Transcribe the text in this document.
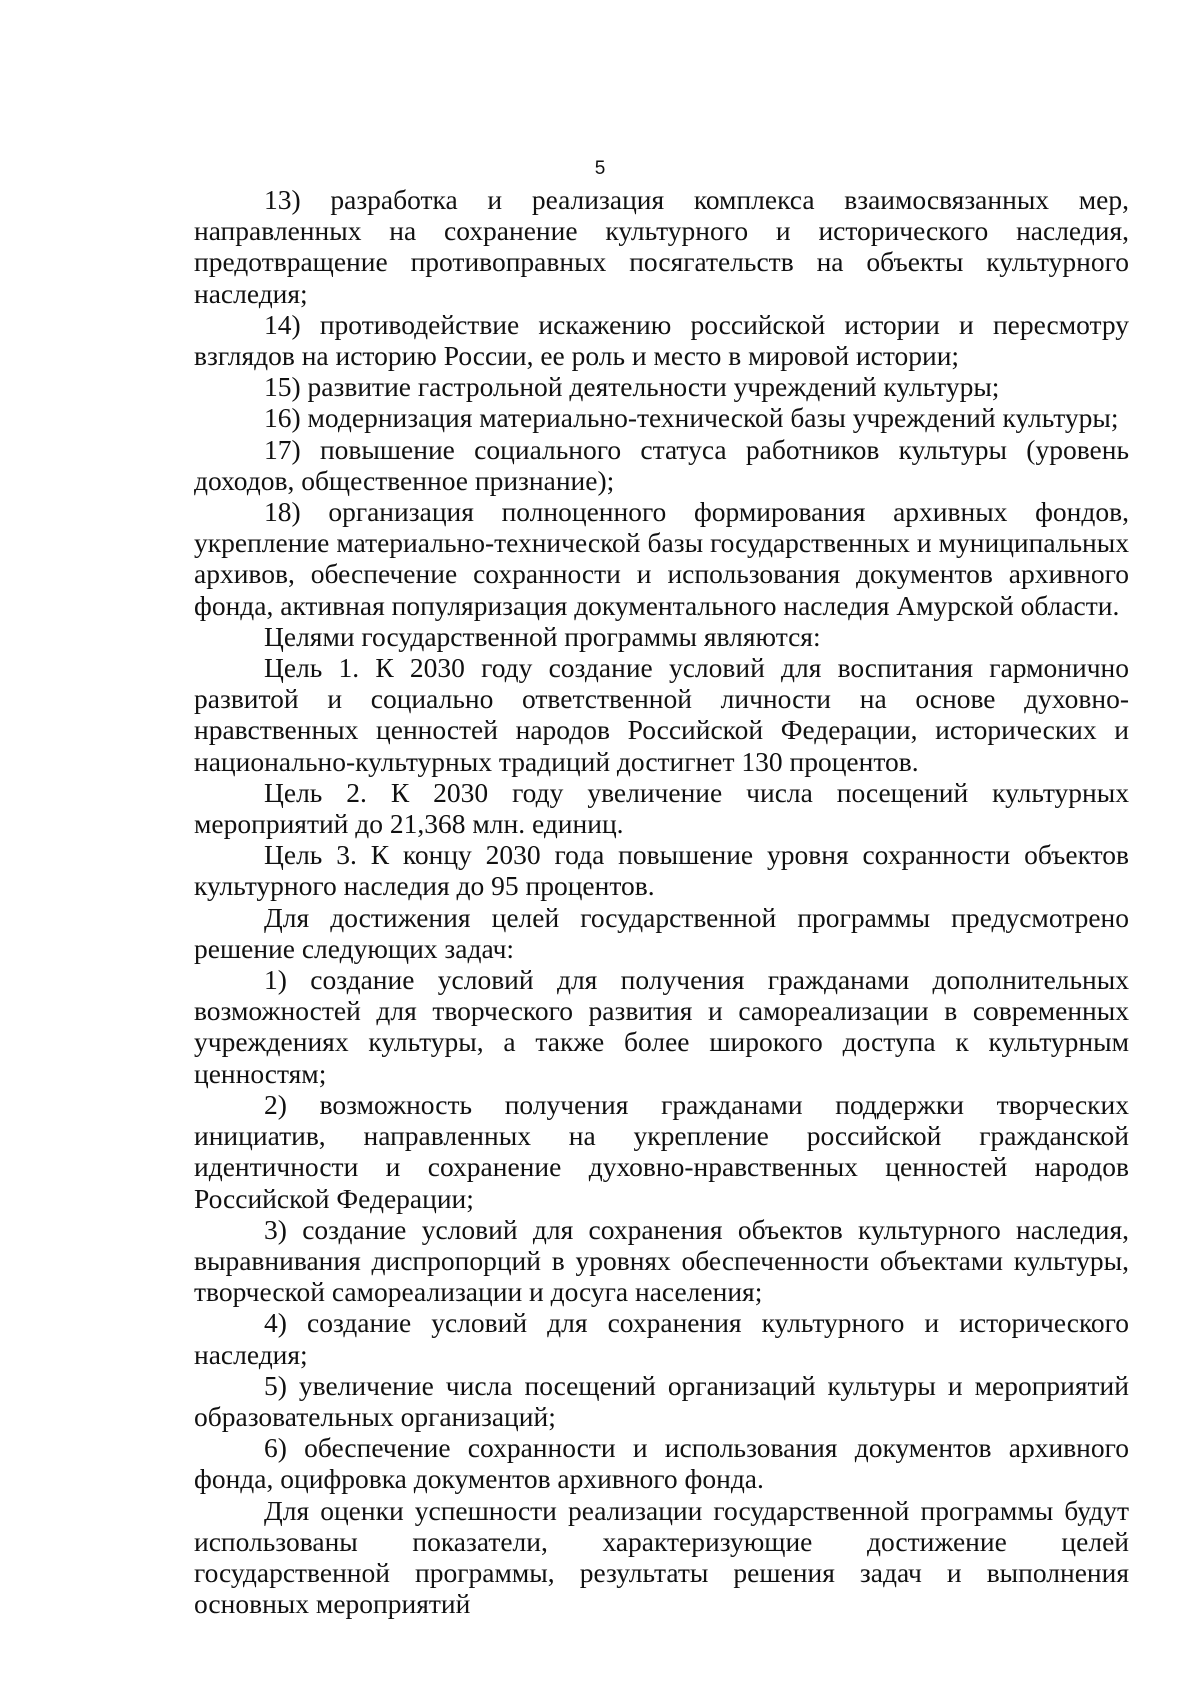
5

13) разработка и реализация комплекса взаимосвязанных мер, направленных на сохранение культурного и исторического наследия, предотвращение противоправных посягательств на объекты культурного наследия;

14) противодействие искажению российской истории и пересмотру взглядов на историю России, ее роль и место в мировой истории;

15) развитие гастрольной деятельности учреждений культуры;

16) модернизация материально-технической базы учреждений культуры;

17) повышение социального статуса работников культуры (уровень доходов, общественное признание);

18) организация полноценного формирования архивных фондов, укрепление материально-технической базы государственных и муниципальных архивов, обеспечение сохранности и использования документов архивного фонда, активная популяризация документального наследия Амурской области.

Целями государственной программы являются:

Цель 1. К 2030 году создание условий для воспитания гармонично развитой и социально ответственной личности на основе духовно-нравственных ценностей народов Российской Федерации, исторических и национально-культурных традиций достигнет 130 процентов.

Цель 2. К 2030 году увеличение числа посещений культурных мероприятий до 21,368 млн. единиц.

Цель 3. К концу 2030 года повышение уровня сохранности объектов культурного наследия до 95 процентов.

Для достижения целей государственной программы предусмотрено решение следующих задач:

1) создание условий для получения гражданами дополнительных возможностей для творческого развития и самореализации в современных учреждениях культуры, а также более широкого доступа к культурным ценностям;

2) возможность получения гражданами поддержки творческих инициатив, направленных на укрепление российской гражданской идентичности и сохранение духовно-нравственных ценностей народов Российской Федерации;

3) создание условий для сохранения объектов культурного наследия, выравнивания диспропорций в уровнях обеспеченности объектами культуры, творческой самореализации и досуга населения;

4) создание условий для сохранения культурного и исторического наследия;

5) увеличение числа посещений организаций культуры и мероприятий образовательных организаций;

6) обеспечение сохранности и использования документов архивного фонда, оцифровка документов архивного фонда.

Для оценки успешности реализации государственной программы будут использованы показатели, характеризующие достижение целей государственной программы, результаты решения задач и выполнения основных мероприятий
